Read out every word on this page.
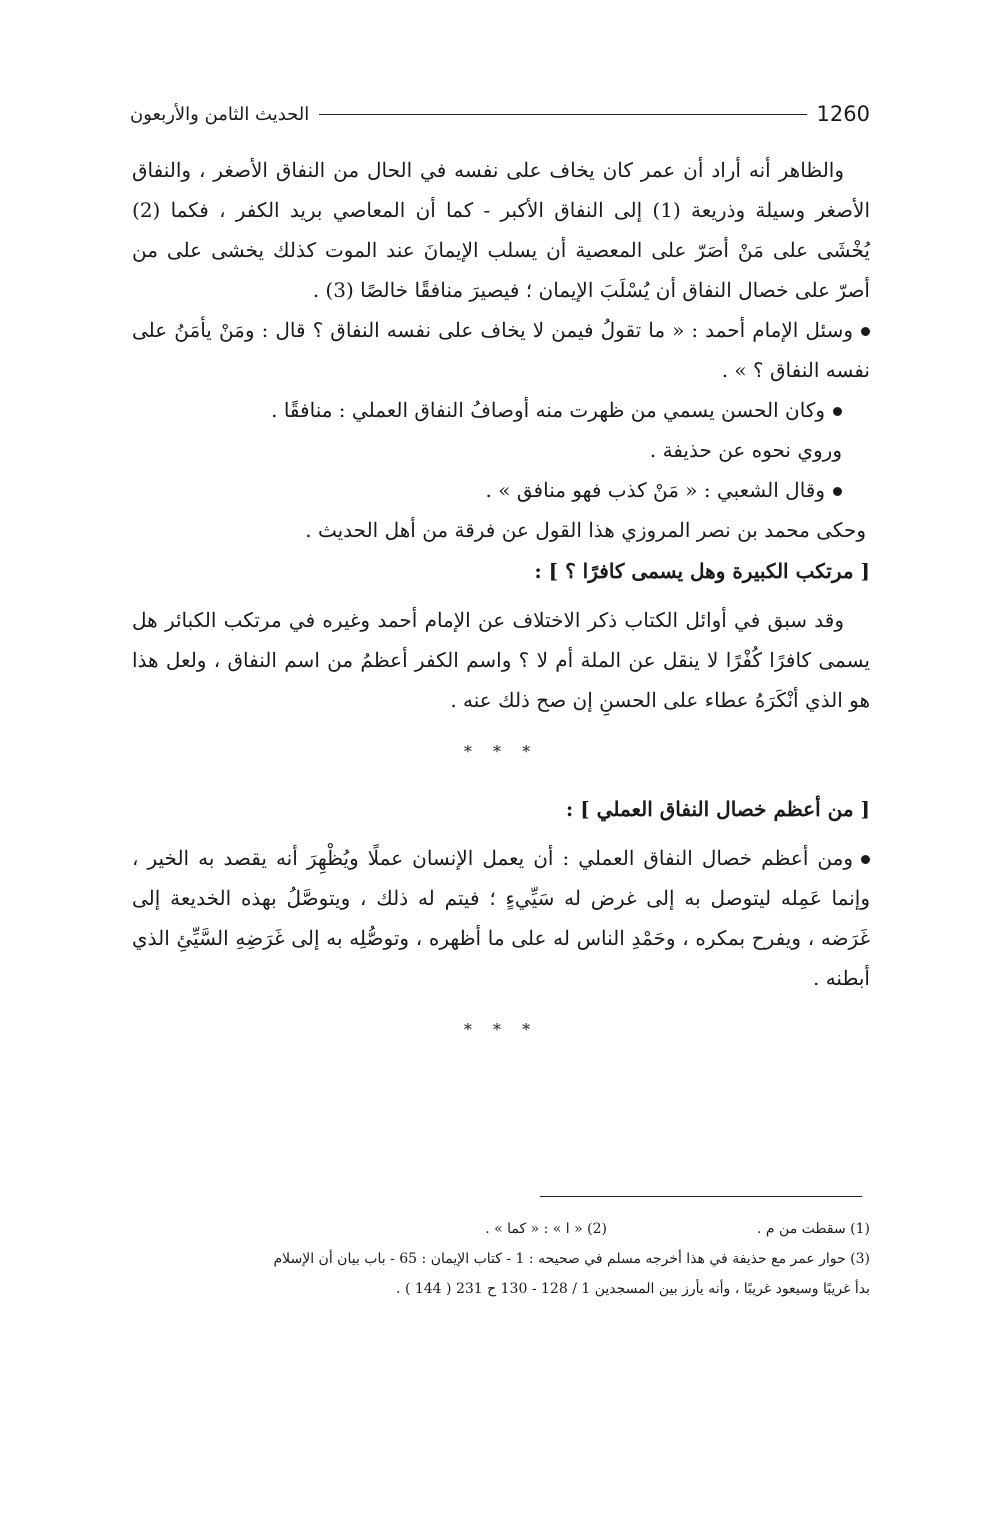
الحديث الثامن والأربعون	1260

والظاهر أنه أراد أن عمر كان يخاف على نفسه في الحال من النفاق الأصغر ، والنفاق الأصغر وسيلة وذريعة (1) إلى النفاق الأكبر - كما أن المعاصي بريد الكفر ، فكما (2) يُخْشَى على مَنْ أصَرّ على المعصية أن يسلب الإيمانَ عند الموت كذلك يخشى على من أصرّ على خصال النفاق أن يُسْلَبَ الإيمان ؛ فيصيرَ منافقًا خالصًا (3) .

وسئل الإمام أحمد : « ما تقولُ فيمن لا يخاف على نفسه النفاق ؟ قال : ومَنْ يأمَنُ على نفسه النفاق ؟ » .

وكان الحسن يسمي من ظهرت منه أوصافُ النفاق العملي : منافقًا .

وروي نحوه عن حذيفة .

وقال الشعبي : « مَنْ كذب فهو منافق » .

وحكى محمد بن نصر المروزي هذا القول عن فرقة من أهل الحديث .

[ مرتكب الكبيرة وهل يسمى كافرًا ؟ ] :

وقد سبق في أوائل الكتاب ذكر الاختلاف عن الإمام أحمد وغيره في مرتكب الكبائر هل يسمى كافرًا كُفْرًا لا ينقل عن الملة أم لا ؟ واسم الكفر أعظمُ من اسم النفاق ، ولعل هذا هو الذي أنْكَرَهُ عطاء على الحسنِ إن صح ذلك عنه .

* * *

[ من أعظم خصال النفاق العملي ] :

ومن أعظم خصال النفاق العملي : أن يعمل الإنسان عملًا ويُظْهِرَ أنه يقصد به الخير ، وإنما عَمِله ليتوصل به إلى غرض له سَيِّيءٍ ؛ فيتم له ذلك ، ويتوصَّلُ بهذه الخديعة إلى غَرَضه ، ويفرح بمكره ، وحَمْدِ الناس له على ما أظهره ، وتوصُّلِه به إلى غَرَضِهِ السَّيِّئِ الذي أبطنه .

* * *
(1) سقطت من م .
(2) « ا » : « كما » .

(3) حوار عمر مع حذيفة في هذا أخرجه مسلم في صحيحه : 1 - كتاب الإيمان : 65 - باب بيان أن الإسلام
بدأ غريبًا وسيعود غريبًا ، وأنه يأرز بين المسجدين 1 / 128 - 130 ح 231 ( 144 ) .
